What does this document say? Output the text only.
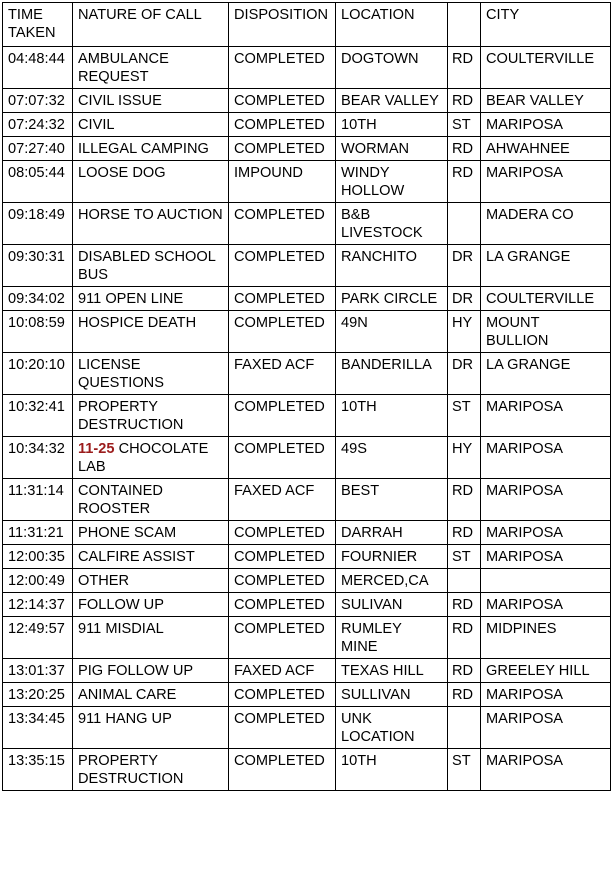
TIME TAKEN	NATURE OF CALL	DISPOSITION	LOCATION		CITY
04:48:44	AMBULANCE REQUEST	COMPLETED	DOGTOWN	RD	COULTERVILLE
07:07:32	CIVIL ISSUE	COMPLETED	BEAR VALLEY	RD	BEAR VALLEY
07:24:32	CIVIL	COMPLETED	10TH	ST	MARIPOSA
07:27:40	ILLEGAL CAMPING	COMPLETED	WORMAN	RD	AHWAHNEE
08:05:44	LOOSE DOG	IMPOUND	WINDY HOLLOW	RD	MARIPOSA
09:18:49	HORSE TO AUCTION	COMPLETED	B&B LIVESTOCK		MADERA CO
09:30:31	DISABLED SCHOOL BUS	COMPLETED	RANCHITO	DR	LA GRANGE
09:34:02	911 OPEN LINE	COMPLETED	PARK CIRCLE	DR	COULTERVILLE
10:08:59	HOSPICE DEATH	COMPLETED	49N	HY	MOUNT BULLION
10:20:10	LICENSE QUESTIONS	FAXED ACF	BANDERILLA	DR	LA GRANGE
10:32:41	PROPERTY DESTRUCTION	COMPLETED	10TH	ST	MARIPOSA
10:34:32	11-25 CHOCOLATE LAB	COMPLETED	49S	HY	MARIPOSA
11:31:14	CONTAINED ROOSTER	FAXED ACF	BEST	RD	MARIPOSA
11:31:21	PHONE SCAM	COMPLETED	DARRAH	RD	MARIPOSA
12:00:35	CALFIRE ASSIST	COMPLETED	FOURNIER	ST	MARIPOSA
12:00:49	OTHER	COMPLETED	MERCED,CA		
12:14:37	FOLLOW UP	COMPLETED	SULIVAN	RD	MARIPOSA
12:49:57	911 MISDIAL	COMPLETED	RUMLEY MINE	RD	MIDPINES
13:01:37	PIG FOLLOW UP	FAXED ACF	TEXAS HILL	RD	GREELEY HILL
13:20:25	ANIMAL CARE	COMPLETED	SULLIVAN	RD	MARIPOSA
13:34:45	911 HANG UP	COMPLETED	UNK LOCATION		MARIPOSA
13:35:15	PROPERTY DESTRUCTION	COMPLETED	10TH	ST	MARIPOSA
